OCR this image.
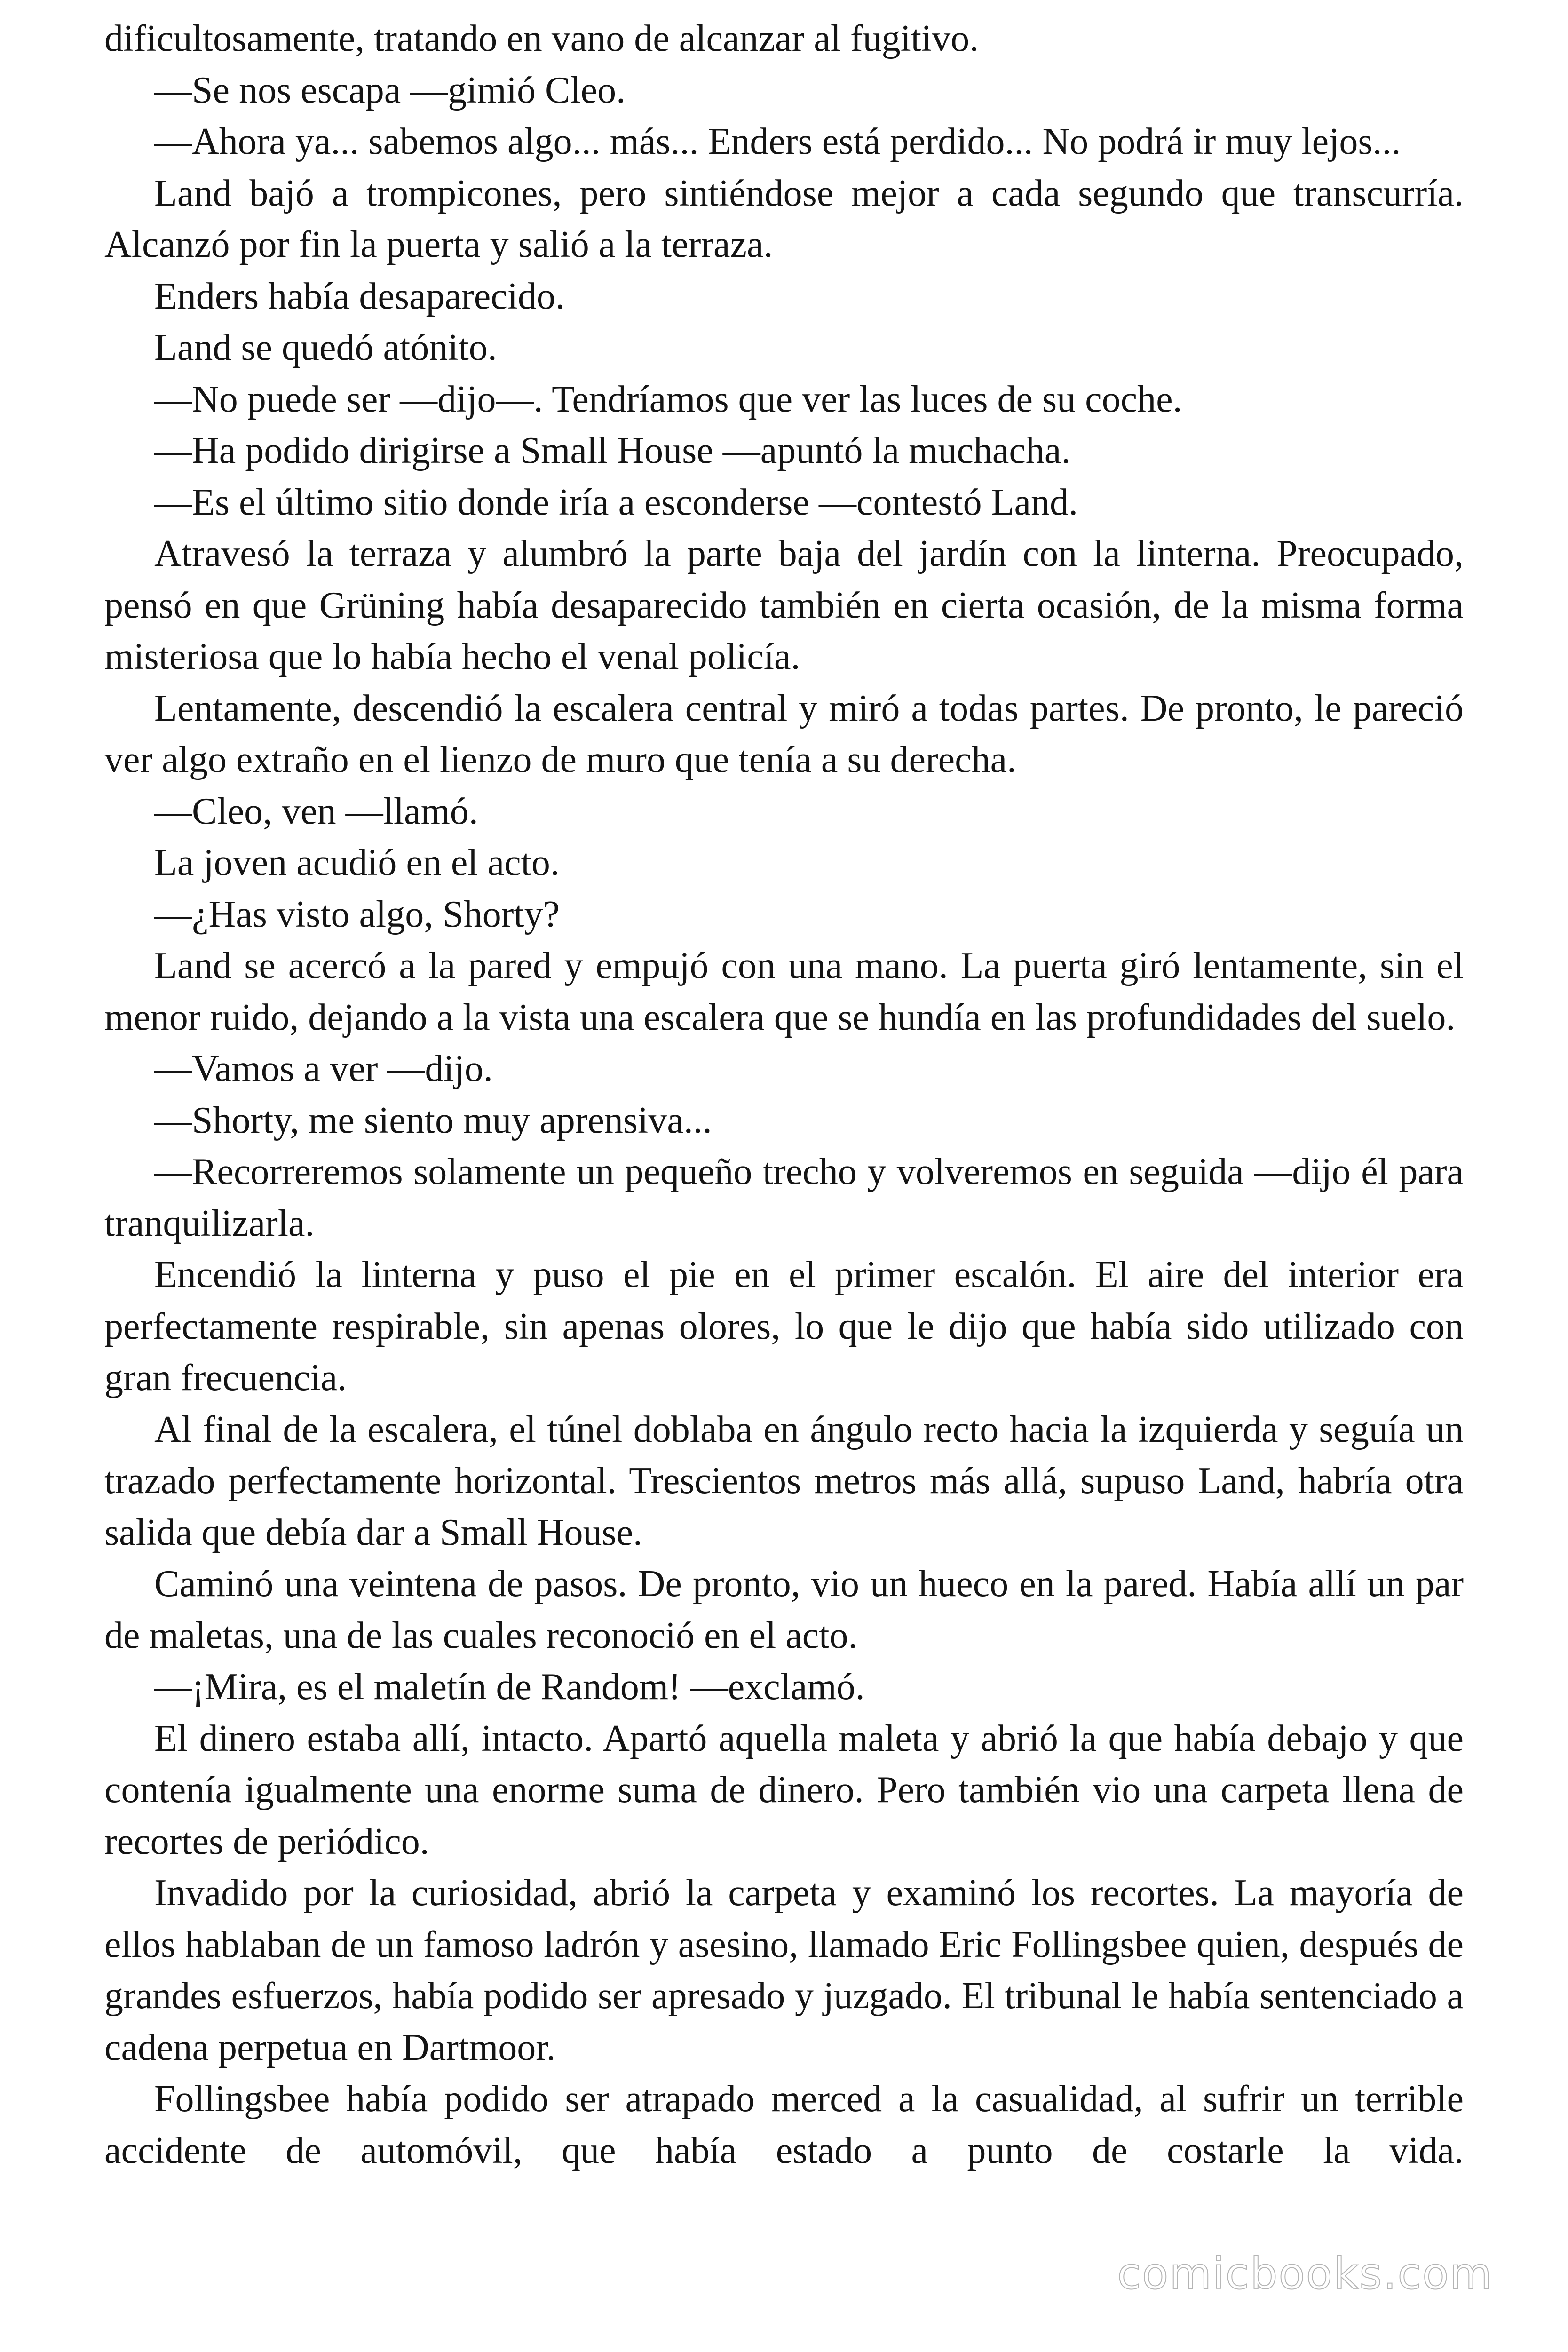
dificultosamente, tratando en vano de alcanzar al fugitivo.

—Se nos escapa —gimió Cleo.

—Ahora ya... sabemos algo... más... Enders está perdido... No podrá ir muy lejos...

Land bajó a trompicones, pero sintiéndose mejor a cada segundo que transcurría. Alcanzó por fin la puerta y salió a la terraza.

Enders había desaparecido.

Land se quedó atónito.

—No puede ser —dijo—. Tendríamos que ver las luces de su coche.

—Ha podido dirigirse a Small House —apuntó la muchacha.

—Es el último sitio donde iría a esconderse —contestó Land.

Atravesó la terraza y alumbró la parte baja del jardín con la linterna. Preocupado, pensó en que Grüning había desaparecido también en cierta ocasión, de la misma forma misteriosa que lo había hecho el venal policía.

Lentamente, descendió la escalera central y miró a todas partes. De pronto, le pareció ver algo extraño en el lienzo de muro que tenía a su derecha.

—Cleo, ven —llamó.

La joven acudió en el acto.

—¿Has visto algo, Shorty?

Land se acercó a la pared y empujó con una mano. La puerta giró lentamente, sin el menor ruido, dejando a la vista una escalera que se hundía en las profundidades del suelo.

—Vamos a ver —dijo.

—Shorty, me siento muy aprensiva...

—Recorreremos solamente un pequeño trecho y volveremos en seguida —dijo él para tranquilizarla.

Encendió la linterna y puso el pie en el primer escalón. El aire del interior era perfectamente respirable, sin apenas olores, lo que le dijo que había sido utilizado con gran frecuencia.

Al final de la escalera, el túnel doblaba en ángulo recto hacia la izquierda y seguía un trazado perfectamente horizontal. Trescientos metros más allá, supuso Land, habría otra salida que debía dar a Small House.

Caminó una veintena de pasos. De pronto, vio un hueco en la pared. Había allí un par de maletas, una de las cuales reconoció en el acto.

—¡Mira, es el maletín de Random! —exclamó.

El dinero estaba allí, intacto. Apartó aquella maleta y abrió la que había debajo y que contenía igualmente una enorme suma de dinero. Pero también vio una carpeta llena de recortes de periódico.

Invadido por la curiosidad, abrió la carpeta y examinó los recortes. La mayoría de ellos hablaban de un famoso ladrón y asesino, llamado Eric Follingsbee quien, después de grandes esfuerzos, había podido ser apresado y juzgado. El tribunal le había sentenciado a cadena perpetua en Dartmoor.

Follingsbee había podido ser atrapado merced a la casualidad, al sufrir un terrible accidente de automóvil, que había estado a punto de costarle la vida.

comicbooks.com
